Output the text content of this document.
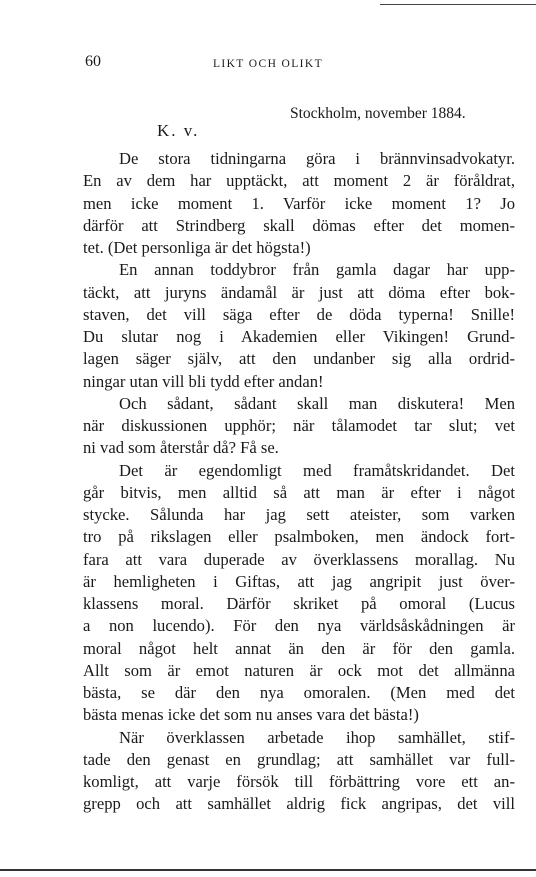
60	LIKT OCH OLIKT
Stockholm, november 1884.
K. v.
De stora tidningarna göra i brännvinsadvokatyr.
En av dem har upptäckt, att moment 2 är föråldrat,
men icke moment 1. Varför icke moment 1? Jo
därför att Strindberg skall dömas efter det momen-
tet. (Det personliga är det högsta!)
En annan toddybror från gamla dagar har upp-
täckt, att juryns ändamål är just att döma efter bok-
staven, det vill säga efter de döda typerna! Snille!
Du slutar nog i Akademien eller Vikingen! Grund-
lagen säger själv, att den undanber sig alla ordrid-
ningar utan vill bli tydd efter andan!
Och sådant, sådant skall man diskutera! Men
när diskussionen upphör; när tålamodet tar slut; vet
ni vad som återstår då? Få se.
Det är egendomligt med framåtskridandet. Det
går bitvis, men alltid så att man är efter i något
stycke. Sålunda har jag sett ateister, som varken
tro på rikslagen eller psalmboken, men ändock fort-
fara att vara duperade av överklassens morallag. Nu
är hemligheten i Giftas, att jag angripit just över-
klassens moral. Därför skriket på omoral (Lucus
a non lucendo). För den nya världsåskådningen är
moral något helt annat än den är för den gamla.
Allt som är emot naturen är ock mot det allmänna
bästa, se där den nya omoralen. (Men med det
bästa menas icke det som nu anses vara det bästa!)
När överklassen arbetade ihop samhället, stif-
tade den genast en grundlag; att samhället var full-
komligt, att varje försök till förbättring vore ett an-
grepp och att samhället aldrig fick angripas, det vill
